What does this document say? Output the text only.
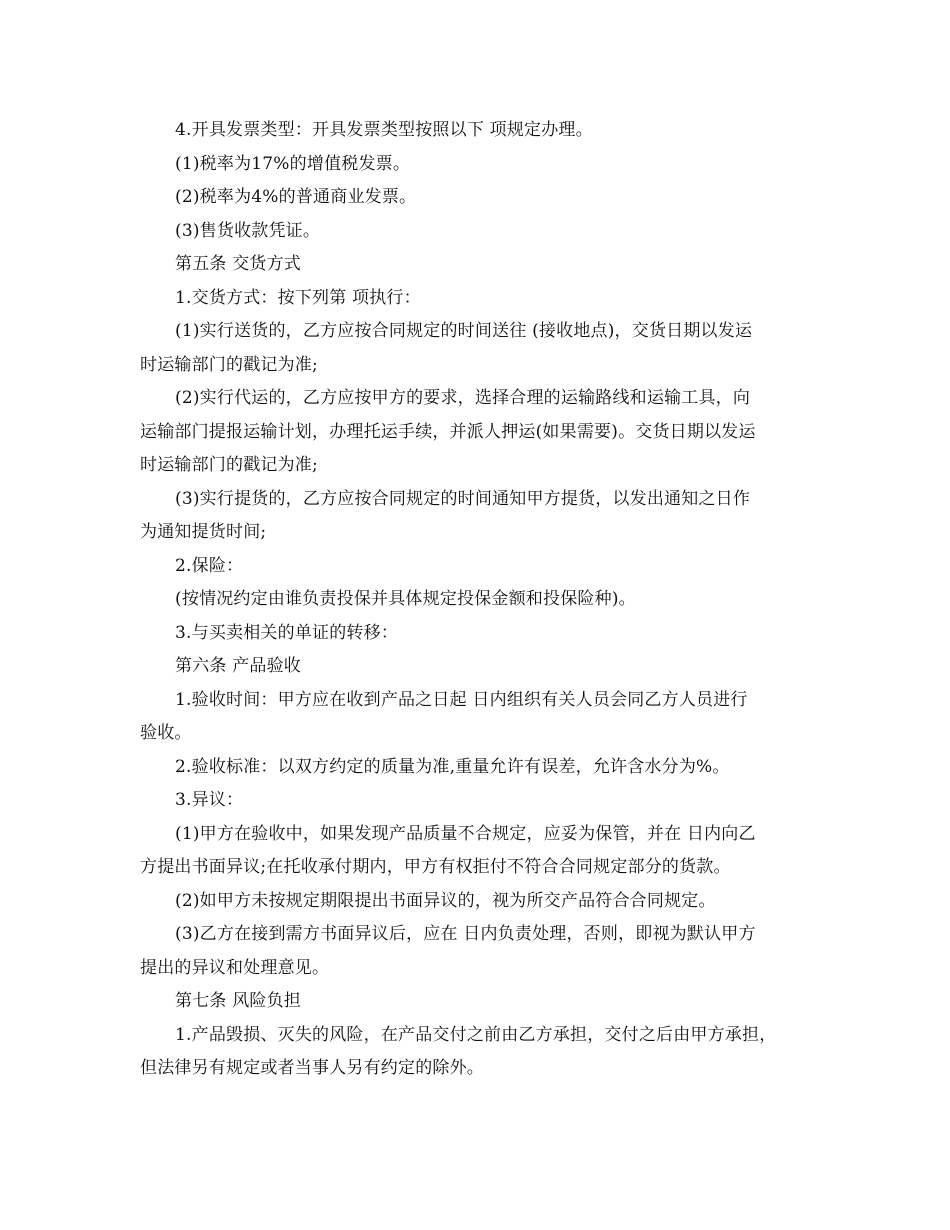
4.开具发票类型：开具发票类型按照以下 项规定办理。
(1)税率为17%的增值税发票。
(2)税率为4%的普通商业发票。
(3)售货收款凭证。
第五条 交货方式
1.交货方式：按下列第 项执行：
(1)实行送货的，乙方应按合同规定的时间送往 (接收地点)，交货日期以发运
时运输部门的戳记为准;
(2)实行代运的，乙方应按甲方的要求，选择合理的运输路线和运输工具，向
运输部门提报运输计划，办理托运手续，并派人押运(如果需要)。交货日期以发运
时运输部门的戳记为准;
(3)实行提货的，乙方应按合同规定的时间通知甲方提货，以发出通知之日作
为通知提货时间;
2.保险：
(按情况约定由谁负责投保并具体规定投保金额和投保险种)。
3.与买卖相关的单证的转移：
第六条 产品验收
1.验收时间：甲方应在收到产品之日起 日内组织有关人员会同乙方人员进行
验收。
2.验收标准：以双方约定的质量为准,重量允许有误差，允许含水分为%。
3.异议：
(1)甲方在验收中，如果发现产品质量不合规定，应妥为保管，并在 日内向乙
方提出书面异议;在托收承付期内，甲方有权拒付不符合合同规定部分的货款。
(2)如甲方未按规定期限提出书面异议的，视为所交产品符合合同规定。
(3)乙方在接到需方书面异议后，应在 日内负责处理，否则，即视为默认甲方
提出的异议和处理意见。
第七条 风险负担
1.产品毁损、灭失的风险，在产品交付之前由乙方承担，交付之后由甲方承担，
但法律另有规定或者当事人另有约定的除外。
